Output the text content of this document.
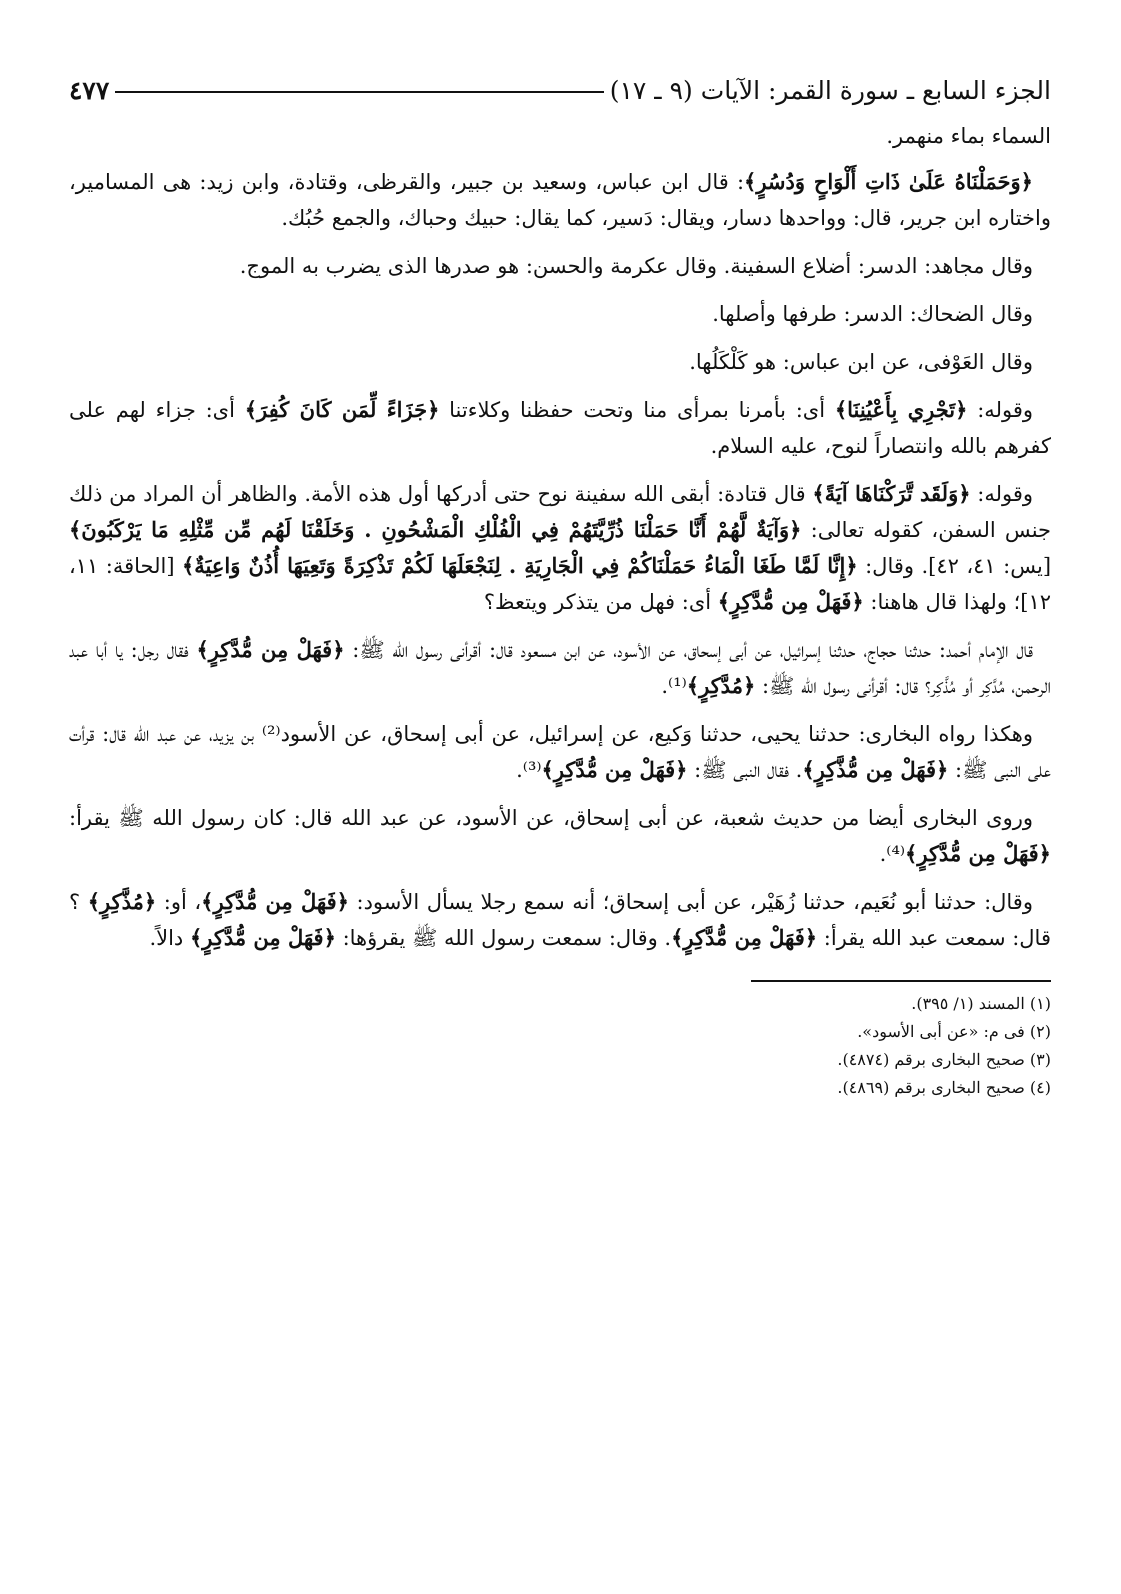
الجزء السابع ـ سورة القمر: الآيات (٩ ـ ١٧)
٤٧٧

السماء بماء منهمر.

﴿وَحَمَلْنَاهُ عَلَىٰ ذَاتِ أَلْوَاحٍ وَدُسُرٍ﴾: قال ابن عباس، وسعيد بن جبير، والقرظى، وقتادة، وابن زيد: هى المسامير، واختاره ابن جرير، قال: وواحدها دسار، ويقال: دَسير، كما يقال: حبيك وحباك، والجمع حُبُك.

وقال مجاهد: الدسر: أضلاع السفينة. وقال عكرمة والحسن: هو صدرها الذى يضرب به الموج.

وقال الضحاك: الدسر: طرفها وأصلها.

وقال العَوْفى، عن ابن عباس: هو كَلْكَلُها.

وقوله: ﴿تَجْرِي بِأَعْيُنِنَا﴾ أى: بأمرنا بمرأى منا وتحت حفظنا وكلاءتنا ﴿جَزَاءً لِّمَن كَانَ كُفِرَ﴾ أى: جزاء لهم على كفرهم بالله وانتصاراً لنوح، عليه السلام.

وقوله: ﴿وَلَقَد تَّرَكْنَاهَا آيَةً﴾ قال قتادة: أبقى الله سفينة نوح حتى أدركها أول هذه الأمة. والظاهر أن المراد من ذلك جنس السفن، كقوله تعالى: ﴿وَآيَةٌ لَّهُمْ أَنَّا حَمَلْنَا ذُرِّيَّتَهُمْ فِي الْفُلْكِ الْمَشْحُونِ . وَخَلَقْنَا لَهُم مِّن مِّثْلِهِ مَا يَرْكَبُونَ﴾ [يس: ٤١، ٤٢]. وقال: ﴿إِنَّا لَمَّا طَغَا الْمَاءُ حَمَلْنَاكُمْ فِي الْجَارِيَةِ . لِنَجْعَلَهَا لَكُمْ تَذْكِرَةً وَتَعِيَهَا أُذُنٌ وَاعِيَةٌ﴾ [الحاقة: ١١، ١٢]؛ ولهذا قال هاهنا: ﴿فَهَلْ مِن مُّدَّكِرٍ﴾ أى: فهل من يتذكر ويتعظ؟

قال الإمام أحمد: حدثنا حجاج، حدثنا إسرائيل، عن أبى إسحاق، عن الأسود، عن ابن مسعود قال: أقرأنى رسول الله ﷺ: ﴿فَهَلْ مِن مُّدَّكِرٍ﴾ فقال رجل: يا أبا عبد الرحمن، مُدَّكِر أو مُذَّكِر؟ قال: أقرأنى رسول الله ﷺ: ﴿مُدَّكِرٍ﴾⁽¹⁾.

وهكذا رواه البخارى: حدثنا يحيى، حدثنا وَكيع، عن إسرائيل، عن أبى إسحاق، عن الأسود⁽²⁾ بن يزيد، عن عبد الله قال: قرأت على النبى ﷺ: ﴿فَهَلْ مِن مُّذَّكِرٍ﴾. فقال النبى ﷺ: ﴿فَهَلْ مِن مُّدَّكِرٍ﴾⁽³⁾.

وروى البخارى أيضا من حديث شعبة، عن أبى إسحاق، عن الأسود، عن عبد الله قال: كان رسول الله ﷺ يقرأ: ﴿فَهَلْ مِن مُّدَّكِرٍ﴾⁽⁴⁾.

وقال: حدثنا أبو نُعَيم، حدثنا زُهَيْر، عن أبى إسحاق؛ أنه سمع رجلا يسأل الأسود: ﴿فَهَلْ مِن مُّدَّكِرٍ﴾، أو: ﴿مُذَّكِرٍ﴾ ؟ قال: سمعت عبد الله يقرأ: ﴿فَهَلْ مِن مُّدَّكِرٍ﴾. وقال: سمعت رسول الله ﷺ يقرؤها: ﴿فَهَلْ مِن مُّدَّكِرٍ﴾ دالاً.

(١) المسند (١/ ٣٩٥).
(٢) فى م: «عن أبى الأسود».
(٣) صحيح البخارى برقم (٤٨٧٤).
(٤) صحيح البخارى برقم (٤٨٦٩).
